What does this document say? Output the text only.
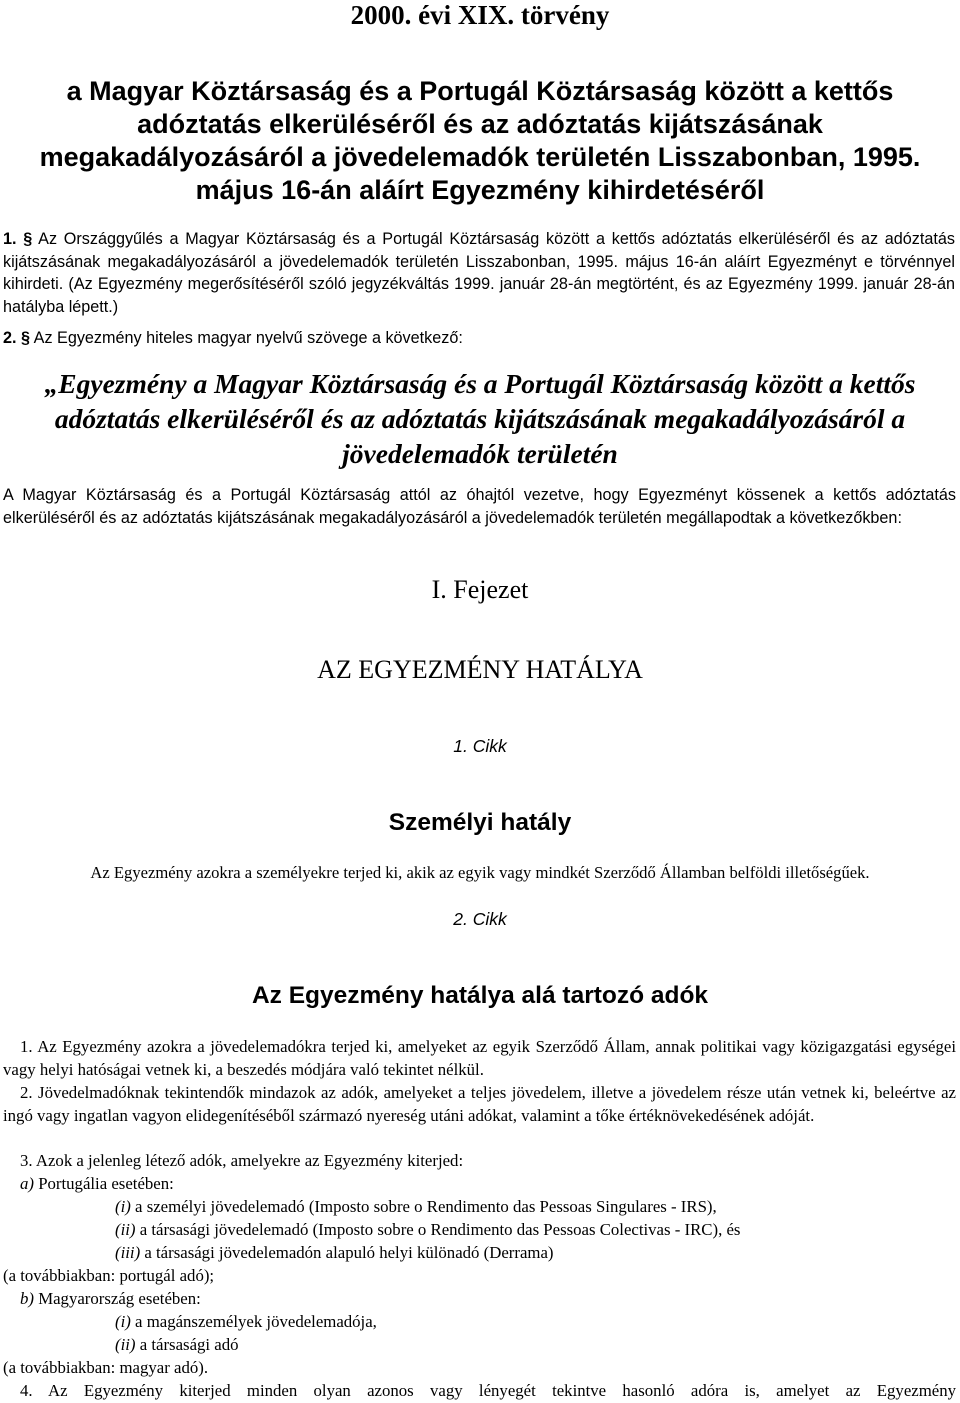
2000. évi XIX. törvény
a Magyar Köztársaság és a Portugál Köztársaság között a kettős adóztatás elkerüléséről és az adóztatás kijátszásának megakadályozásáról a jövedelemadók területén Lisszabonban, 1995. május 16-án aláírt Egyezmény kihirdetéséről

1. § Az Országgyűlés a Magyar Köztársaság és a Portugál Köztársaság között a kettős adóztatás elkerüléséről és az adóztatás kijátszásának megakadályozásáról a jövedelemadók területén Lisszabonban, 1995. május 16-án aláírt Egyezményt e törvénnyel kihirdeti. (Az Egyezmény megerősítéséről szóló jegyzékváltás 1999. január 28-án megtörtént, és az Egyezmény 1999. január 28-án hatályba lépett.)

2. § Az Egyezmény hiteles magyar nyelvű szövege a következő:

„Egyezmény a Magyar Köztársaság és a Portugál Köztársaság között a kettős adóztatás elkerüléséről és az adóztatás kijátszásának megakadályozásáról a jövedelemadók területén

A Magyar Köztársaság és a Portugál Köztársaság attól az óhajtól vezetve, hogy Egyezményt kössenek a kettős adóztatás elkerüléséről és az adóztatás kijátszásának megakadályozásáról a jövedelemadók területén megállapodtak a következőkben:

I. Fejezet
AZ EGYEZMÉNY HATÁLYA
1. Cikk
Személyi hatály

Az Egyezmény azokra a személyekre terjed ki, akik az egyik vagy mindkét Szerződő Államban belföldi illetőségűek.

2. Cikk
Az Egyezmény hatálya alá tartozó adók

1. Az Egyezmény azokra a jövedelemadókra terjed ki, amelyeket az egyik Szerződő Állam, annak politikai vagy közigazgatási egységei vagy helyi hatóságai vetnek ki, a beszedés módjára való tekintet nélkül.

2. Jövedelmadóknak tekintendők mindazok az adók, amelyeket a teljes jövedelem, illetve a jövedelem része után vetnek ki, beleértve az ingó vagy ingatlan vagyon elidegenítéséből származó nyereség utáni adókat, valamint a tőke értéknövekedésének adóját.

3. Azok a jelenleg létező adók, amelyekre az Egyezmény kiterjed:
a) Portugália esetében:
(i) a személyi jövedelemadó (Imposto sobre o Rendimento das Pessoas Singulares - IRS),
(ii) a társasági jövedelemadó (Imposto sobre o Rendimento das Pessoas Colectivas - IRC), és
(iii) a társasági jövedelemadón alapuló helyi különadó (Derrama)
(a továbbiakban: portugál adó);
b) Magyarország esetében:
(i) a magánszemélyek jövedelemadója,
(ii) a társasági adó
(a továbbiakban: magyar adó).
4. Az Egyezmény kiterjed minden olyan azonos vagy lényegét tekintve hasonló adóra is, amelyet az Egyezmény
